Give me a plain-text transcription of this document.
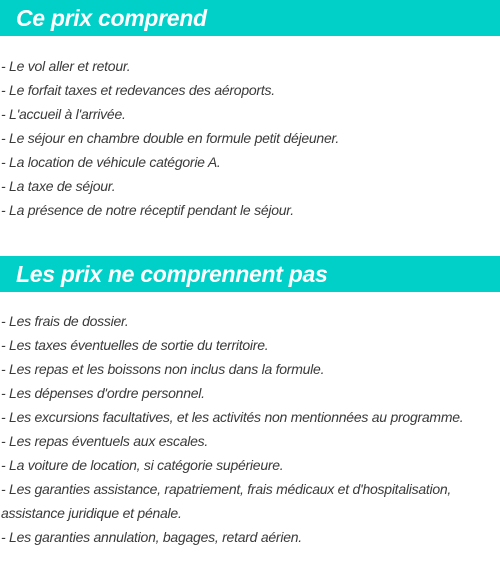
Ce prix comprend
- Le vol aller et retour.
- Le forfait taxes et redevances des aéroports.
- L'accueil à l'arrivée.
- Le séjour en chambre double en formule petit déjeuner.
- La location de véhicule catégorie A.
- La taxe de séjour.
- La présence de notre réceptif pendant le séjour.
Les prix ne comprennent pas
- Les frais de dossier.
- Les taxes éventuelles de sortie du territoire.
- Les repas et les boissons non inclus dans la formule.
- Les dépenses d'ordre personnel.
- Les excursions facultatives, et les activités non mentionnées au programme.
- Les repas éventuels aux escales.
- La voiture de location, si catégorie supérieure.
- Les garanties assistance, rapatriement, frais médicaux et d'hospitalisation, assistance juridique et pénale.
- Les garanties annulation, bagages, retard aérien.
